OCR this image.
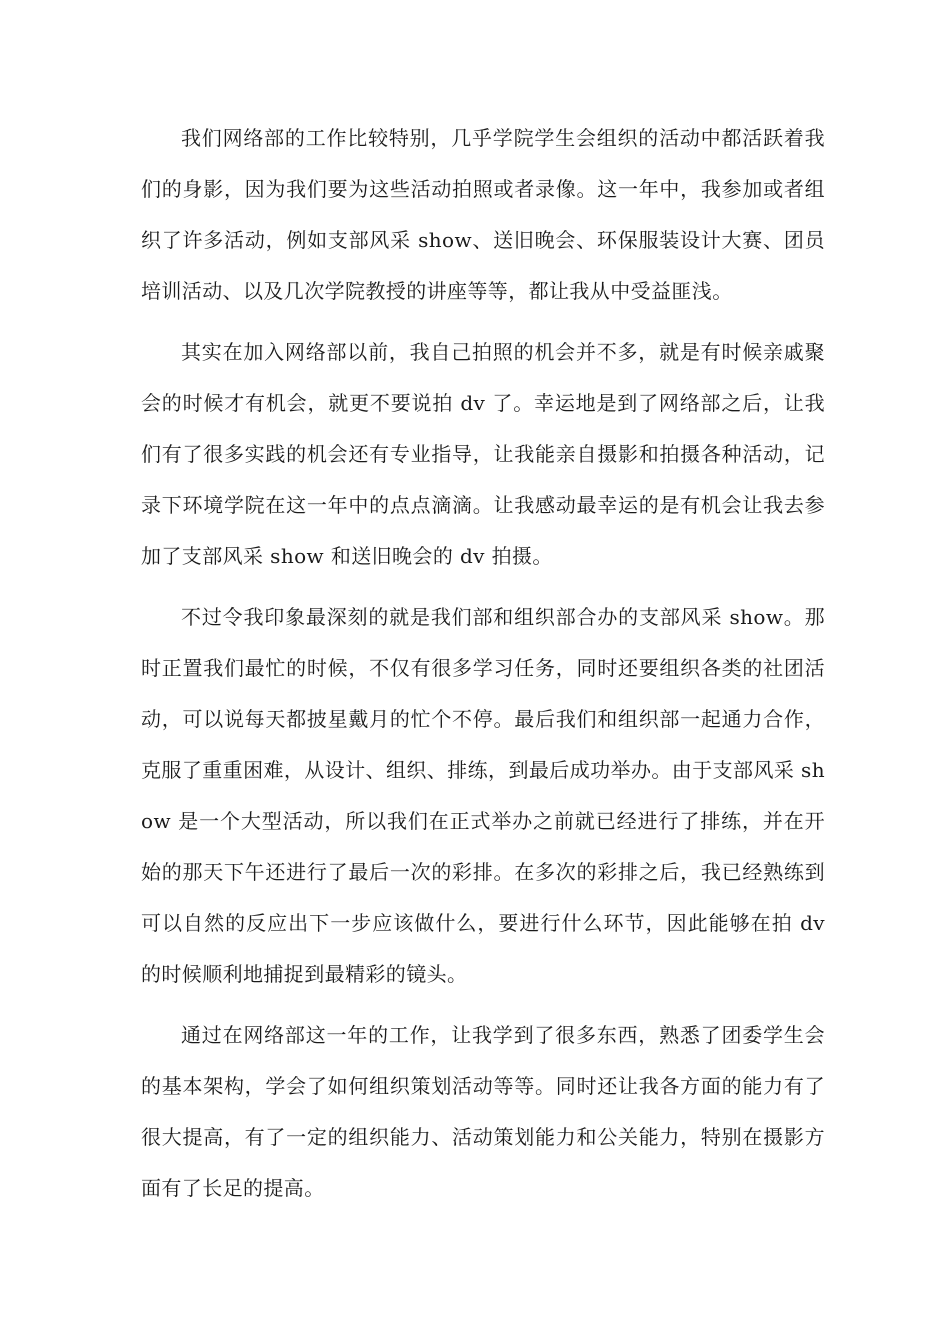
我们网络部的工作比较特别，几乎学院学生会组织的活动中都活跃着我们的身影，因为我们要为这些活动拍照或者录像。这一年中，我参加或者组织了许多活动，例如支部风采 show、送旧晚会、环保服装设计大赛、团员培训活动、以及几次学院教授的讲座等等，都让我从中受益匪浅。

其实在加入网络部以前，我自己拍照的机会并不多，就是有时候亲戚聚会的时候才有机会，就更不要说拍 dv 了。幸运地是到了网络部之后，让我们有了很多实践的机会还有专业指导，让我能亲自摄影和拍摄各种活动，记录下环境学院在这一年中的点点滴滴。让我感动最幸运的是有机会让我去参加了支部风采 show 和送旧晚会的 dv 拍摄。

不过令我印象最深刻的就是我们部和组织部合办的支部风采 show。那时正置我们最忙的时候，不仅有很多学习任务，同时还要组织各类的社团活动，可以说每天都披星戴月的忙个不停。最后我们和组织部一起通力合作，克服了重重困难，从设计、组织、排练，到最后成功举办。由于支部风采 show 是一个大型活动，所以我们在正式举办之前就已经进行了排练，并在开始的那天下午还进行了最后一次的彩排。在多次的彩排之后，我已经熟练到可以自然的反应出下一步应该做什么，要进行什么环节，因此能够在拍 dv 的时候顺利地捕捉到最精彩的镜头。

通过在网络部这一年的工作，让我学到了很多东西，熟悉了团委学生会的基本架构，学会了如何组织策划活动等等。同时还让我各方面的能力有了很大提高，有了一定的组织能力、活动策划能力和公关能力，特别在摄影方面有了长足的提高。
